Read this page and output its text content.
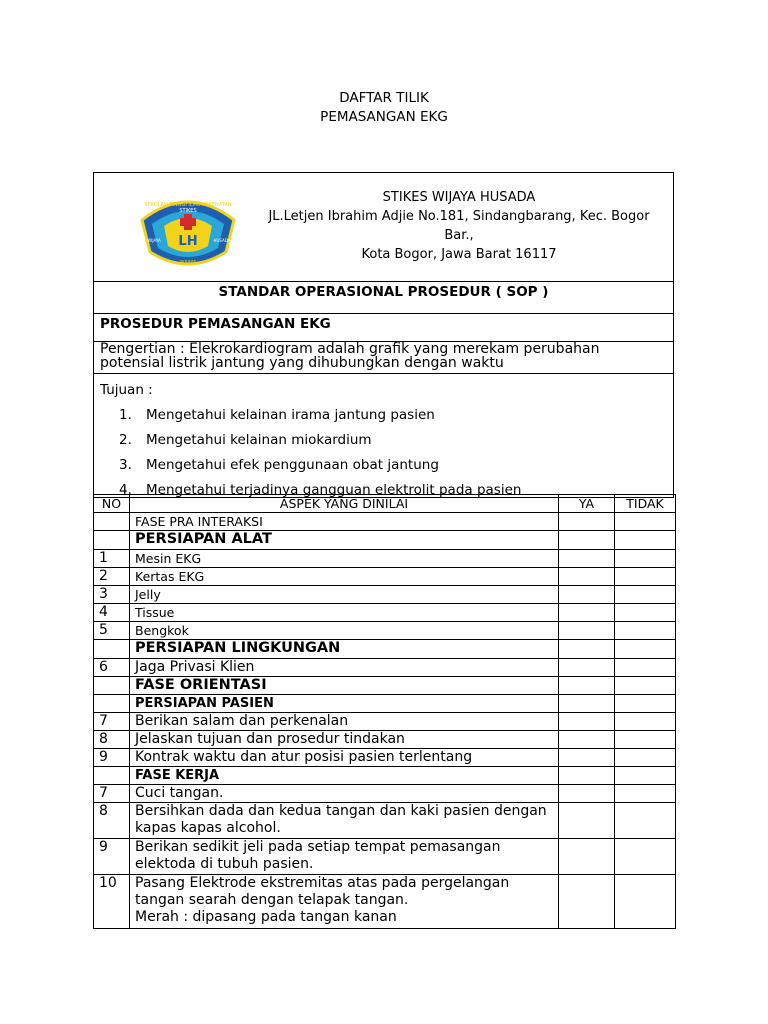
DAFTAR TILIK
PEMASANGAN EKG
LH
SEKOLAH TINGGI ILMU KESEHATAN
STIKES
WIJAYA	HUSADA
WIJAYA
STIKES WIJAYA HUSADA
JL.Letjen Ibrahim Adjie No.181, Sindangbarang, Kec. Bogor Bar.,
Kota Bogor, Jawa Barat 16117
STANDAR OPERASIONAL PROSEDUR ( SOP )
PROSEDUR PEMASANGAN EKG
Pengertian : Elekrokardiogram adalah grafik yang merekam perubahan potensial listrik jantung yang dihubungkan dengan waktu
Tujuan :
1. Mengetahui kelainan irama jantung pasien
2. Mengetahui kelainan miokardium
3. Mengetahui efek penggunaan obat jantung
4. Mengetahui terjadinya gangguan elektrolit pada pasien
NO	ASPEK YANG DINILAI	YA	TIDAK
	FASE PRA INTERAKSI		
	PERSIAPAN ALAT		
1	Mesin EKG		
2	Kertas EKG		
3	Jelly		
4	Tissue		
5	Bengkok		
	PERSIAPAN LINGKUNGAN		
6	Jaga Privasi Klien		
	FASE ORIENTASI		
	PERSIAPAN PASIEN		
7	Berikan salam dan perkenalan		
8	Jelaskan tujuan dan prosedur tindakan		
9	Kontrak waktu dan atur posisi pasien terlentang		
	FASE KERJA		
7	Cuci tangan.		
8	Bersihkan dada dan kedua tangan dan kaki pasien dengan kapas kapas alcohol.		
9	Berikan sedikit jeli pada setiap tempat pemasangan elektoda di tubuh pasien.		
10	Pasang Elektrode ekstremitas atas pada pergelangan tangan searah dengan telapak tangan.
Merah : dipasang pada tangan kanan		
